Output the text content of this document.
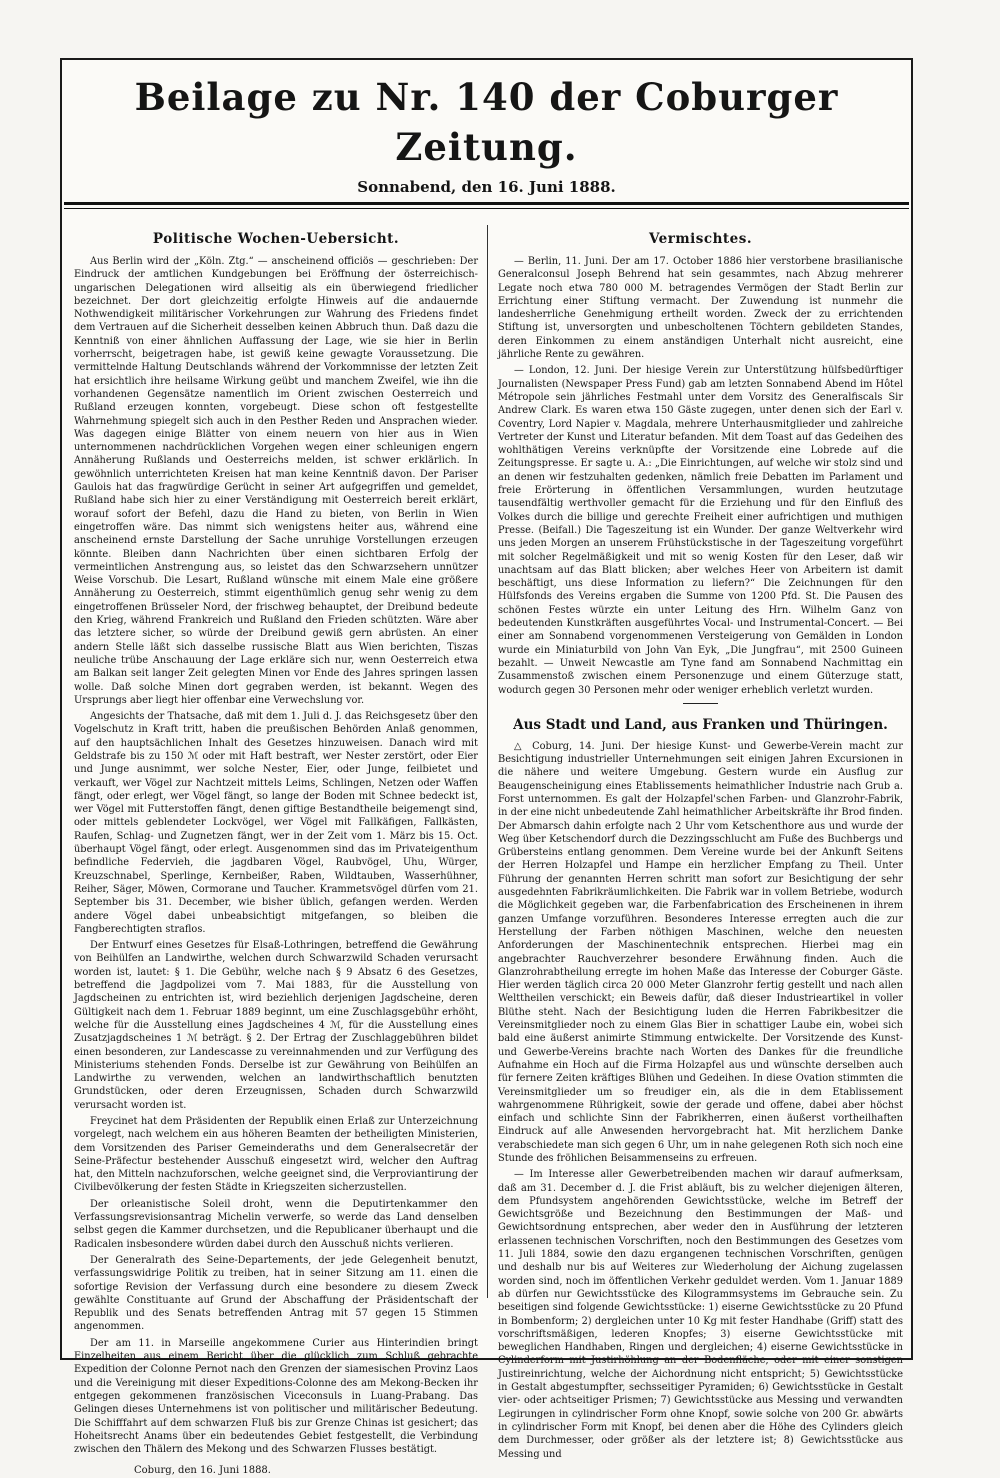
Beilage zu Nr. 140 der Coburger Zeitung.
Sonnabend, den 16. Juni 1888.
Politische Wochen-Uebersicht.

Aus Berlin wird der „Köln. Ztg.“ — anscheinend officiös — geschrieben: Der Eindruck der amtlichen Kundgebungen bei Eröffnung der österreichisch-ungarischen Delegationen wird allseitig als ein überwiegend friedlicher bezeichnet. Der dort gleichzeitig erfolgte Hinweis auf die andauernde Nothwendigkeit militärischer Vorkehrungen zur Wahrung des Friedens findet dem Vertrauen auf die Sicherheit desselben keinen Abbruch thun. Daß dazu die Kenntniß von einer ähnlichen Auffassung der Lage, wie sie hier in Berlin vorherrscht, beigetragen habe, ist gewiß keine gewagte Voraussetzung. Die vermittelnde Haltung Deutschlands während der Vorkommnisse der letzten Zeit hat ersichtlich ihre heilsame Wirkung geübt und manchem Zweifel, wie ihn die vorhandenen Gegensätze namentlich im Orient zwischen Oesterreich und Rußland erzeugen konnten, vorgebeugt. Diese schon oft festgestellte Wahrnehmung spiegelt sich auch in den Pesther Reden und Ansprachen wieder. Was dagegen einige Blätter von einem neuern von hier aus in Wien unternommenen nachdrücklichen Vorgehen wegen einer schleunigen engern Annäherung Rußlands und Oesterreichs melden, ist schwer erklärlich. In gewöhnlich unterrichteten Kreisen hat man keine Kenntniß davon. Der Pariser Gaulois hat das fragwürdige Gerücht in seiner Art aufgegriffen und gemeldet, Rußland habe sich hier zu einer Verständigung mit Oesterreich bereit erklärt, worauf sofort der Befehl, dazu die Hand zu bieten, von Berlin in Wien eingetroffen wäre. Das nimmt sich wenigstens heiter aus, während eine anscheinend ernste Darstellung der Sache unruhige Vorstellungen erzeugen könnte. Bleiben dann Nachrichten über einen sichtbaren Erfolg der vermeintlichen Anstrengung aus, so leistet das den Schwarzsehern unnützer Weise Vorschub. Die Lesart, Rußland wünsche mit einem Male eine größere Annäherung zu Oesterreich, stimmt eigenthümlich genug sehr wenig zu dem eingetroffenen Brüsseler Nord, der frischweg behauptet, der Dreibund bedeute den Krieg, während Frankreich und Rußland den Frieden schützten. Wäre aber das letztere sicher, so würde der Dreibund gewiß gern abrüsten. An einer andern Stelle läßt sich dasselbe russische Blatt aus Wien berichten, Tiszas neuliche trübe Anschauung der Lage erkläre sich nur, wenn Oesterreich etwa am Balkan seit langer Zeit gelegten Minen vor Ende des Jahres springen lassen wolle. Daß solche Minen dort gegraben werden, ist bekannt. Wegen des Ursprungs aber liegt hier offenbar eine Verwechslung vor.

Angesichts der Thatsache, daß mit dem 1. Juli d. J. das Reichsgesetz über den Vogelschutz in Kraft tritt, haben die preußischen Behörden Anlaß genommen, auf den hauptsächlichen Inhalt des Gesetzes hinzuweisen. Danach wird mit Geldstrafe bis zu 150 ℳ oder mit Haft bestraft, wer Nester zerstört, oder Eier und Junge ausnimmt, wer solche Nester, Eier, oder Junge, feilbietet und verkauft, wer Vögel zur Nachtzeit mittels Leims, Schlingen, Netzen oder Waffen fängt, oder erlegt, wer Vögel fängt, so lange der Boden mit Schnee bedeckt ist, wer Vögel mit Futterstoffen fängt, denen giftige Bestandtheile beigemengt sind, oder mittels geblendeter Lockvögel, wer Vögel mit Fallkäfigen, Fallkästen, Raufen, Schlag- und Zugnetzen fängt, wer in der Zeit vom 1. März bis 15. Oct. überhaupt Vögel fängt, oder erlegt. Ausgenommen sind das im Privateigenthum befindliche Federvieh, die jagdbaren Vögel, Raubvögel, Uhu, Würger, Kreuzschnabel, Sperlinge, Kernbeißer, Raben, Wildtauben, Wasserhühner, Reiher, Säger, Möwen, Cormorane und Taucher. Krammetsvögel dürfen vom 21. September bis 31. December, wie bisher üblich, gefangen werden. Werden andere Vögel dabei unbeabsichtigt mitgefangen, so bleiben die Fangberechtigten straflos.

Der Entwurf eines Gesetzes für Elsaß-Lothringen, betreffend die Gewährung von Beihülfen an Landwirthe, welchen durch Schwarzwild Schaden verursacht worden ist, lautet: § 1. Die Gebühr, welche nach § 9 Absatz 6 des Gesetzes, betreffend die Jagdpolizei vom 7. Mai 1883, für die Ausstellung von Jagdscheinen zu entrichten ist, wird beziehlich derjenigen Jagdscheine, deren Gültigkeit nach dem 1. Februar 1889 beginnt, um eine Zuschlagsgebühr erhöht, welche für die Ausstellung eines Jagdscheines 4 ℳ, für die Ausstellung eines Zusatzjagdscheines 1 ℳ beträgt. § 2. Der Ertrag der Zuschlaggebühren bildet einen besonderen, zur Landescasse zu vereinnahmenden und zur Verfügung des Ministeriums stehenden Fonds. Derselbe ist zur Gewährung von Beihülfen an Landwirthe zu verwenden, welchen an landwirthschaftlich benutzten Grundstücken, oder deren Erzeugnissen, Schaden durch Schwarzwild verursacht worden ist.

Freycinet hat dem Präsidenten der Republik einen Erlaß zur Unterzeichnung vorgelegt, nach welchem ein aus höheren Beamten der betheiligten Ministerien, dem Vorsitzenden des Pariser Gemeinderaths und dem Generalsecretär der Seine-Präfectur bestehender Ausschuß eingesetzt wird, welcher den Auftrag hat, den Mitteln nachzuforschen, welche geeignet sind, die Verproviantirung der Civilbevölkerung der festen Städte in Kriegszeiten sicherzustellen.

Der orleanistische Soleil droht, wenn die Deputirtenkammer den Verfassungsrevisionsantrag Michelin verwerfe, so werde das Land denselben selbst gegen die Kammer durchsetzen, und die Republicaner überhaupt und die Radicalen insbesondere würden dabei durch den Ausschuß nichts verlieren.

Der Generalrath des Seine-Departements, der jede Gelegenheit benutzt, verfassungswidrige Politik zu treiben, hat in seiner Sitzung am 11. einen die sofortige Revision der Verfassung durch eine besondere zu diesem Zweck gewählte Constituante auf Grund der Abschaffung der Präsidentschaft der Republik und des Senats betreffenden Antrag mit 57 gegen 15 Stimmen angenommen.

Der am 11. in Marseille angekommene Curier aus Hinterindien bringt Einzelheiten aus einem Bericht über die glücklich zum Schluß gebrachte Expedition der Colonne Pernot nach den Grenzen der siamesischen Provinz Laos und die Vereinigung mit dieser Expeditions-Colonne des am Mekong-Becken ihr entgegen gekommenen französischen Viceconsuls in Luang-Prabang. Das Gelingen dieses Unternehmens ist von politischer und militärischer Bedeutung. Die Schifffahrt auf dem schwarzen Fluß bis zur Grenze Chinas ist gesichert; das Hoheitsrecht Anams über ein bedeutendes Gebiet festgestellt, die Verbindung zwischen den Thälern des Mekong und des Schwarzen Flusses bestätigt.

Coburg, den 16. Juni 1888.
Vermischtes.

— Berlin, 11. Juni. Der am 17. October 1886 hier verstorbene brasilianische Generalconsul Joseph Behrend hat sein gesammtes, nach Abzug mehrerer Legate noch etwa 780 000 M. betragendes Vermögen der Stadt Berlin zur Errichtung einer Stiftung vermacht. Der Zuwendung ist nunmehr die landesherrliche Genehmigung ertheilt worden. Zweck der zu errichtenden Stiftung ist, unversorgten und unbescholtenen Töchtern gebildeten Standes, deren Einkommen zu einem anständigen Unterhalt nicht ausreicht, eine jährliche Rente zu gewähren.

— London, 12. Juni. Der hiesige Verein zur Unterstützung hülfsbedürftiger Journalisten (Newspaper Press Fund) gab am letzten Sonnabend Abend im Hôtel Métropole sein jährliches Festmahl unter dem Vorsitz des Generalfiscals Sir Andrew Clark. Es waren etwa 150 Gäste zugegen, unter denen sich der Earl v. Coventry, Lord Napier v. Magdala, mehrere Unterhausmitglieder und zahlreiche Vertreter der Kunst und Literatur befanden. Mit dem Toast auf das Gedeihen des wohlthätigen Vereins verknüpfte der Vorsitzende eine Lobrede auf die Zeitungspresse. Er sagte u. A.: „Die Einrichtungen, auf welche wir stolz sind und an denen wir festzuhalten gedenken, nämlich freie Debatten im Parlament und freie Erörterung in öffentlichen Versammlungen, wurden heutzutage tausendfältig werthvoller gemacht für die Erziehung und für den Einfluß des Volkes durch die billige und gerechte Freiheit einer aufrichtigen und muthigen Presse. (Beifall.) Die Tageszeitung ist ein Wunder. Der ganze Weltverkehr wird uns jeden Morgen an unserem Frühstückstische in der Tageszeitung vorgeführt mit solcher Regelmäßigkeit und mit so wenig Kosten für den Leser, daß wir unachtsam auf das Blatt blicken; aber welches Heer von Arbeitern ist damit beschäftigt, uns diese Information zu liefern?“ Die Zeichnungen für den Hülfsfonds des Vereins ergaben die Summe von 1200 Pfd. St. Die Pausen des schönen Festes würzte ein unter Leitung des Hrn. Wilhelm Ganz von bedeutenden Kunstkräften ausgeführtes Vocal- und Instrumental-Concert. — Bei einer am Sonnabend vorgenommenen Versteigerung von Gemälden in London wurde ein Miniaturbild von John Van Eyk, „Die Jungfrau“, mit 2500 Guineen bezahlt. — Unweit Newcastle am Tyne fand am Sonnabend Nachmittag ein Zusammenstoß zwischen einem Personenzuge und einem Güterzuge statt, wodurch gegen 30 Personen mehr oder weniger erheblich verletzt wurden.

Aus Stadt und Land, aus Franken und Thüringen.

△ Coburg, 14. Juni. Der hiesige Kunst- und Gewerbe-Verein macht zur Besichtigung industrieller Unternehmungen seit einigen Jahren Excursionen in die nähere und weitere Umgebung. Gestern wurde ein Ausflug zur Beaugenscheinigung eines Etablissements heimathlicher Industrie nach Grub a. Forst unternommen. Es galt der Holzapfel'schen Farben- und Glanzrohr-Fabrik, in der eine nicht unbedeutende Zahl heimathlicher Arbeitskräfte ihr Brod finden. Der Abmarsch dahin erfolgte nach 2 Uhr vom Ketschenthore aus und wurde der Weg über Ketschendorf durch die Dezzingsschlucht am Fuße des Buchbergs und Grübersteins entlang genommen. Dem Vereine wurde bei der Ankunft Seitens der Herren Holzapfel und Hampe ein herzlicher Empfang zu Theil. Unter Führung der genannten Herren schritt man sofort zur Besichtigung der sehr ausgedehnten Fabrikräumlichkeiten. Die Fabrik war in vollem Betriebe, wodurch die Möglichkeit gegeben war, die Farbenfabrication des Erscheinenen in ihrem ganzen Umfange vorzuführen. Besonderes Interesse erregten auch die zur Herstellung der Farben nöthigen Maschinen, welche den neuesten Anforderungen der Maschinentechnik entsprechen. Hierbei mag ein angebrachter Rauchverzehrer besondere Erwähnung finden. Auch die Glanzrohrabtheilung erregte im hohen Maße das Interesse der Coburger Gäste. Hier werden täglich circa 20 000 Meter Glanzrohr fertig gestellt und nach allen Welttheilen verschickt; ein Beweis dafür, daß dieser Industrieartikel in voller Blüthe steht. Nach der Besichtigung luden die Herren Fabrikbesitzer die Vereinsmitglieder noch zu einem Glas Bier in schattiger Laube ein, wobei sich bald eine äußerst animirte Stimmung entwickelte. Der Vorsitzende des Kunst- und Gewerbe-Vereins brachte nach Worten des Dankes für die freundliche Aufnahme ein Hoch auf die Firma Holzapfel aus und wünschte derselben auch für fernere Zeiten kräftiges Blühen und Gedeihen. In diese Ovation stimmten die Vereinsmitglieder um so freudiger ein, als die in dem Etablissement wahrgenommene Rührigkeit, sowie der gerade und offene, dabei aber höchst einfach und schlichte Sinn der Fabrikherren, einen äußerst vortheilhaften Eindruck auf alle Anwesenden hervorgebracht hat. Mit herzlichem Danke verabschiedete man sich gegen 6 Uhr, um in nahe gelegenen Roth sich noch eine Stunde des fröhlichen Beisammenseins zu erfreuen.

— Im Interesse aller Gewerbetreibenden machen wir darauf aufmerksam, daß am 31. December d. J. die Frist abläuft, bis zu welcher diejenigen älteren, dem Pfundsystem angehörenden Gewichtsstücke, welche im Betreff der Gewichtsgröße und Bezeichnung den Bestimmungen der Maß- und Gewichtsordnung entsprechen, aber weder den in Ausführung der letzteren erlassenen technischen Vorschriften, noch den Bestimmungen des Gesetzes vom 11. Juli 1884, sowie den dazu ergangenen technischen Vorschriften, genügen und deshalb nur bis auf Weiteres zur Wiederholung der Aichung zugelassen worden sind, noch im öffentlichen Verkehr geduldet werden. Vom 1. Januar 1889 ab dürfen nur Gewichtsstücke des Kilogrammsystems im Gebrauche sein. Zu beseitigen sind folgende Gewichtsstücke: 1) eiserne Gewichtsstücke zu 20 Pfund in Bombenform; 2) dergleichen unter 10 Kg mit fester Handhabe (Griff) statt des vorschriftsmäßigen, lederen Knopfes; 3) eiserne Gewichtsstücke mit beweglichen Handhaben, Ringen und dergleichen; 4) eiserne Gewichtsstücke in Cylinderform mit Justirhöhlung an der Bodenfläche, oder mit einer sonstigen Justireinrichtung, welche der Aichordnung nicht entspricht; 5) Gewichtsstücke in Gestalt abgestumpfter, sechsseitiger Pyramiden; 6) Gewichtsstücke in Gestalt vier- oder achtseitiger Prismen; 7) Gewichtsstücke aus Messing und verwandten Legirungen in cylindrischer Form ohne Knopf, sowie solche von 200 Gr. abwärts in cylindrischer Form mit Knopf, bei denen aber die Höhe des Cylinders gleich dem Durchmesser, oder größer als der letztere ist; 8) Gewichtsstücke aus Messing und
